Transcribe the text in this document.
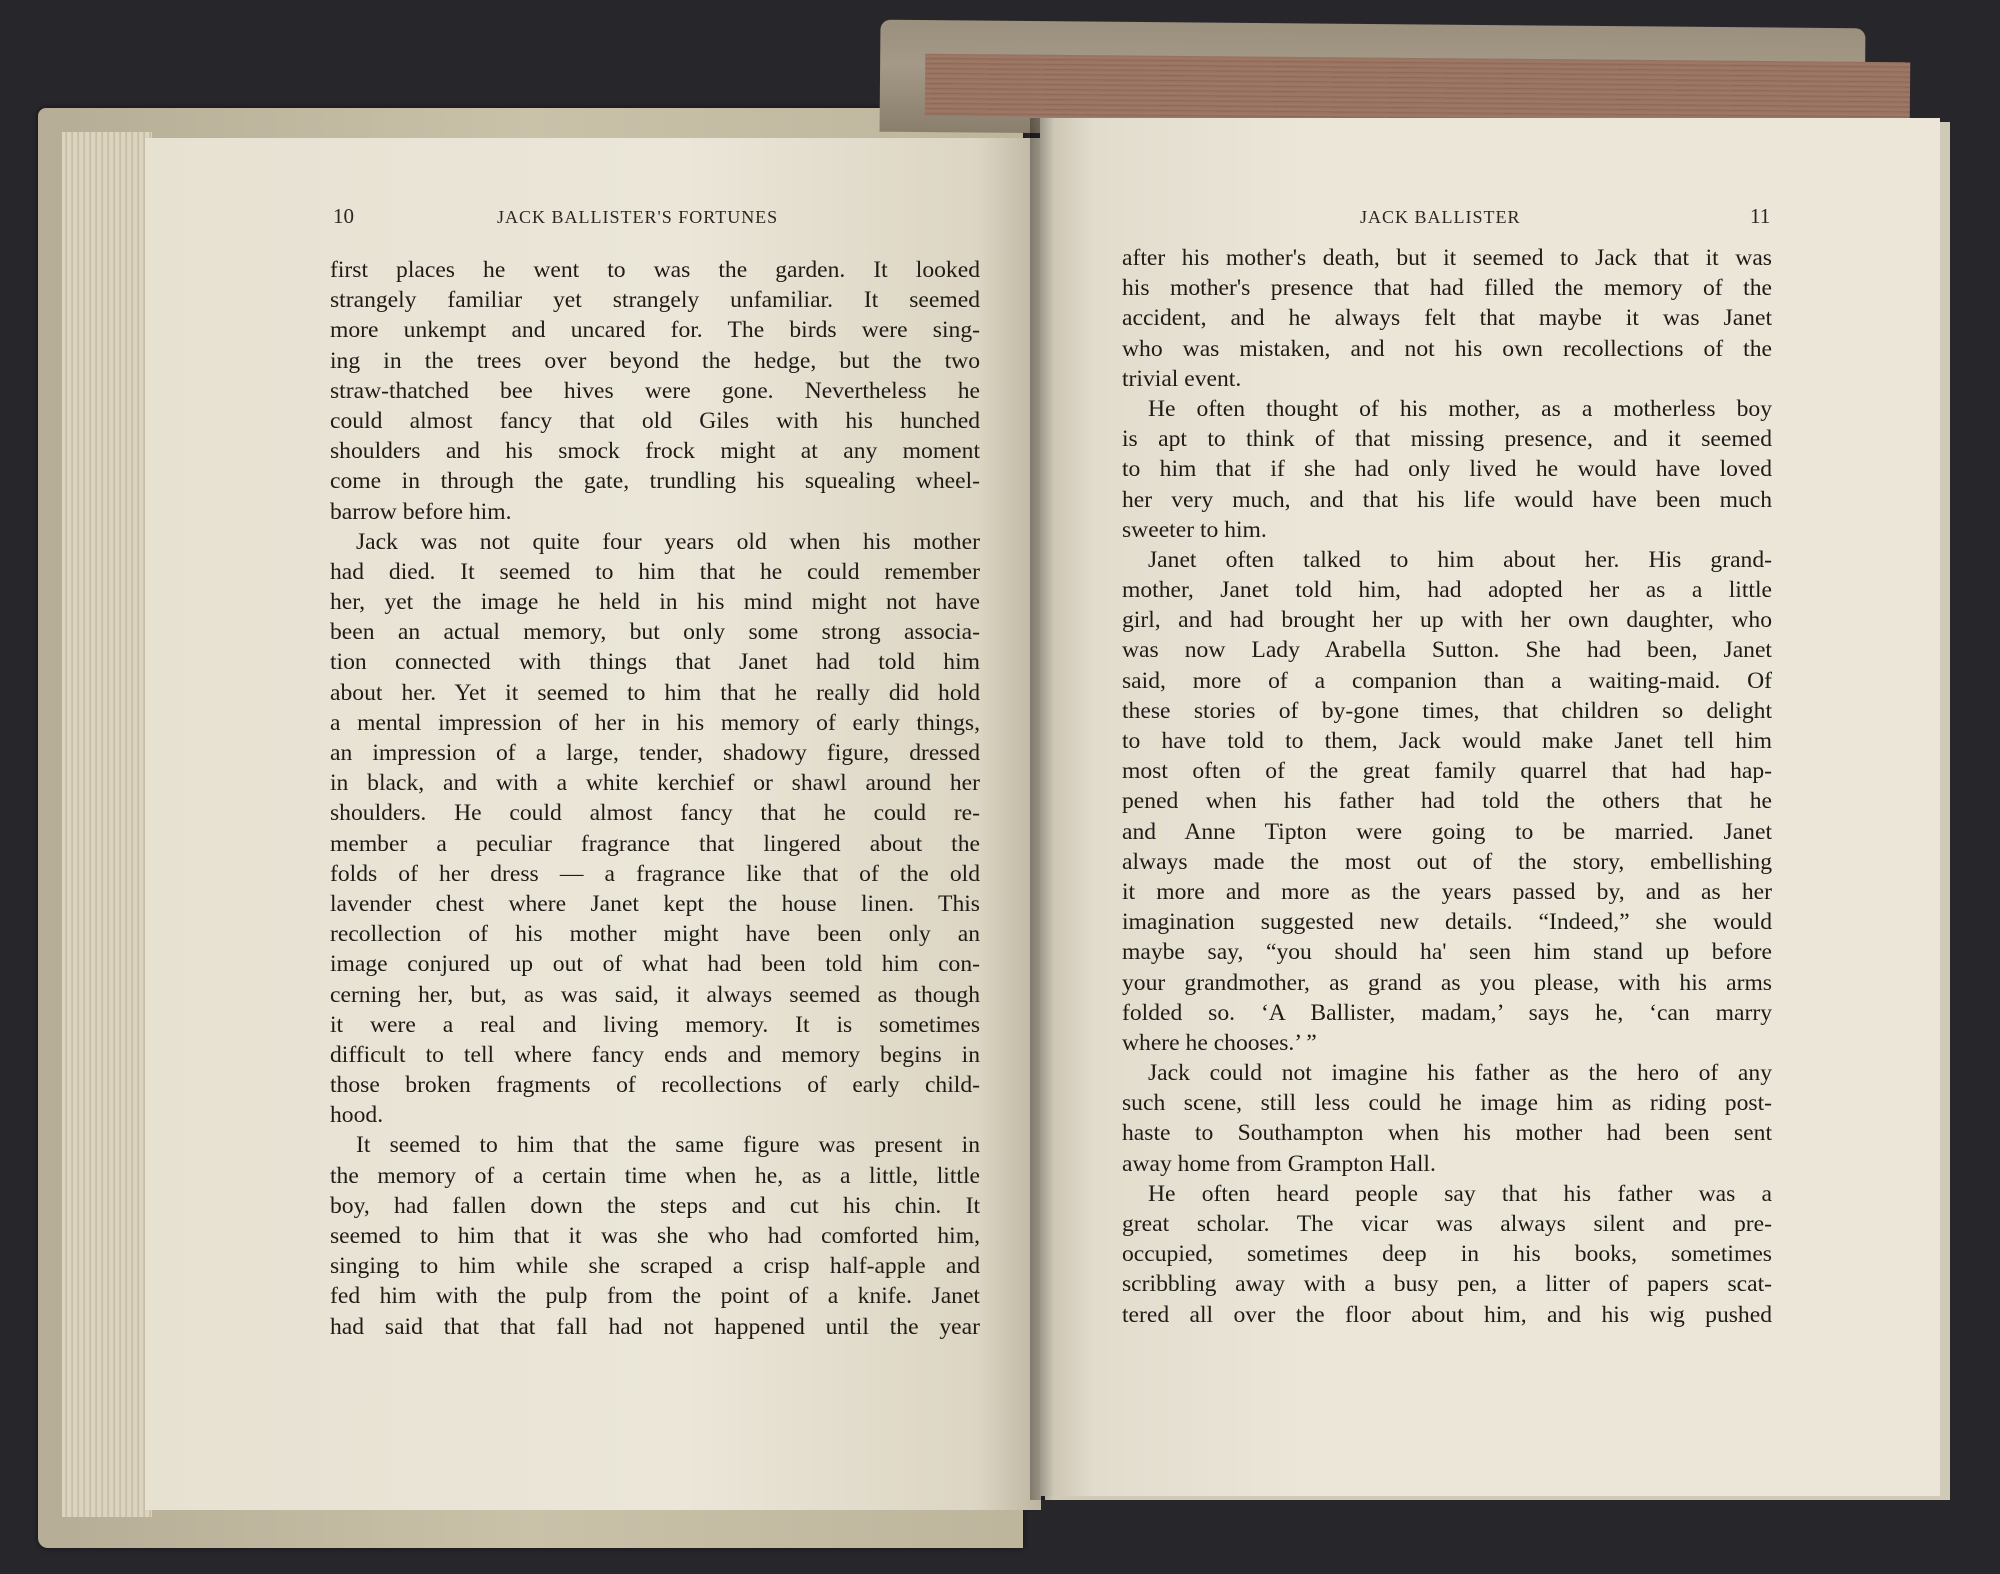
10	JACK BALLISTER'S FORTUNES
first places he went to was the garden. It looked
strangely familiar yet strangely unfamiliar. It seemed
more unkempt and uncared for. The birds were sing-
ing in the trees over beyond the hedge, but the two
straw-thatched bee hives were gone. Nevertheless he
could almost fancy that old Giles with his hunched
shoulders and his smock frock might at any moment
come in through the gate, trundling his squealing wheel-
barrow before him.
Jack was not quite four years old when his mother
had died. It seemed to him that he could remember
her, yet the image he held in his mind might not have
been an actual memory, but only some strong associa-
tion connected with things that Janet had told him
about her. Yet it seemed to him that he really did hold
a mental impression of her in his memory of early things,
an impression of a large, tender, shadowy figure, dressed
in black, and with a white kerchief or shawl around her
shoulders. He could almost fancy that he could re-
member a peculiar fragrance that lingered about the
folds of her dress — a fragrance like that of the old
lavender chest where Janet kept the house linen. This
recollection of his mother might have been only an
image conjured up out of what had been told him con-
cerning her, but, as was said, it always seemed as though
it were a real and living memory. It is sometimes
difficult to tell where fancy ends and memory begins in
those broken fragments of recollections of early child-
hood.
It seemed to him that the same figure was present in
the memory of a certain time when he, as a little, little
boy, had fallen down the steps and cut his chin. It
seemed to him that it was she who had comforted him,
singing to him while she scraped a crisp half-apple and
fed him with the pulp from the point of a knife. Janet
had said that that fall had not happened until the year
JACK BALLISTER	11
after his mother's death, but it seemed to Jack that it was
his mother's presence that had filled the memory of the
accident, and he always felt that maybe it was Janet
who was mistaken, and not his own recollections of the
trivial event.
He often thought of his mother, as a motherless boy
is apt to think of that missing presence, and it seemed
to him that if she had only lived he would have loved
her very much, and that his life would have been much
sweeter to him.
Janet often talked to him about her. His grand-
mother, Janet told him, had adopted her as a little
girl, and had brought her up with her own daughter, who
was now Lady Arabella Sutton. She had been, Janet
said, more of a companion than a waiting-maid. Of
these stories of by-gone times, that children so delight
to have told to them, Jack would make Janet tell him
most often of the great family quarrel that had hap-
pened when his father had told the others that he
and Anne Tipton were going to be married. Janet
always made the most out of the story, embellishing
it more and more as the years passed by, and as her
imagination suggested new details. “Indeed,” she would
maybe say, “you should ha' seen him stand up before
your grandmother, as grand as you please, with his arms
folded so. ‘A Ballister, madam,’ says he, ‘can marry
where he chooses.’ ”
Jack could not imagine his father as the hero of any
such scene, still less could he image him as riding post-
haste to Southampton when his mother had been sent
away home from Grampton Hall.
He often heard people say that his father was a
great scholar. The vicar was always silent and pre-
occupied, sometimes deep in his books, sometimes
scribbling away with a busy pen, a litter of papers scat-
tered all over the floor about him, and his wig pushed
